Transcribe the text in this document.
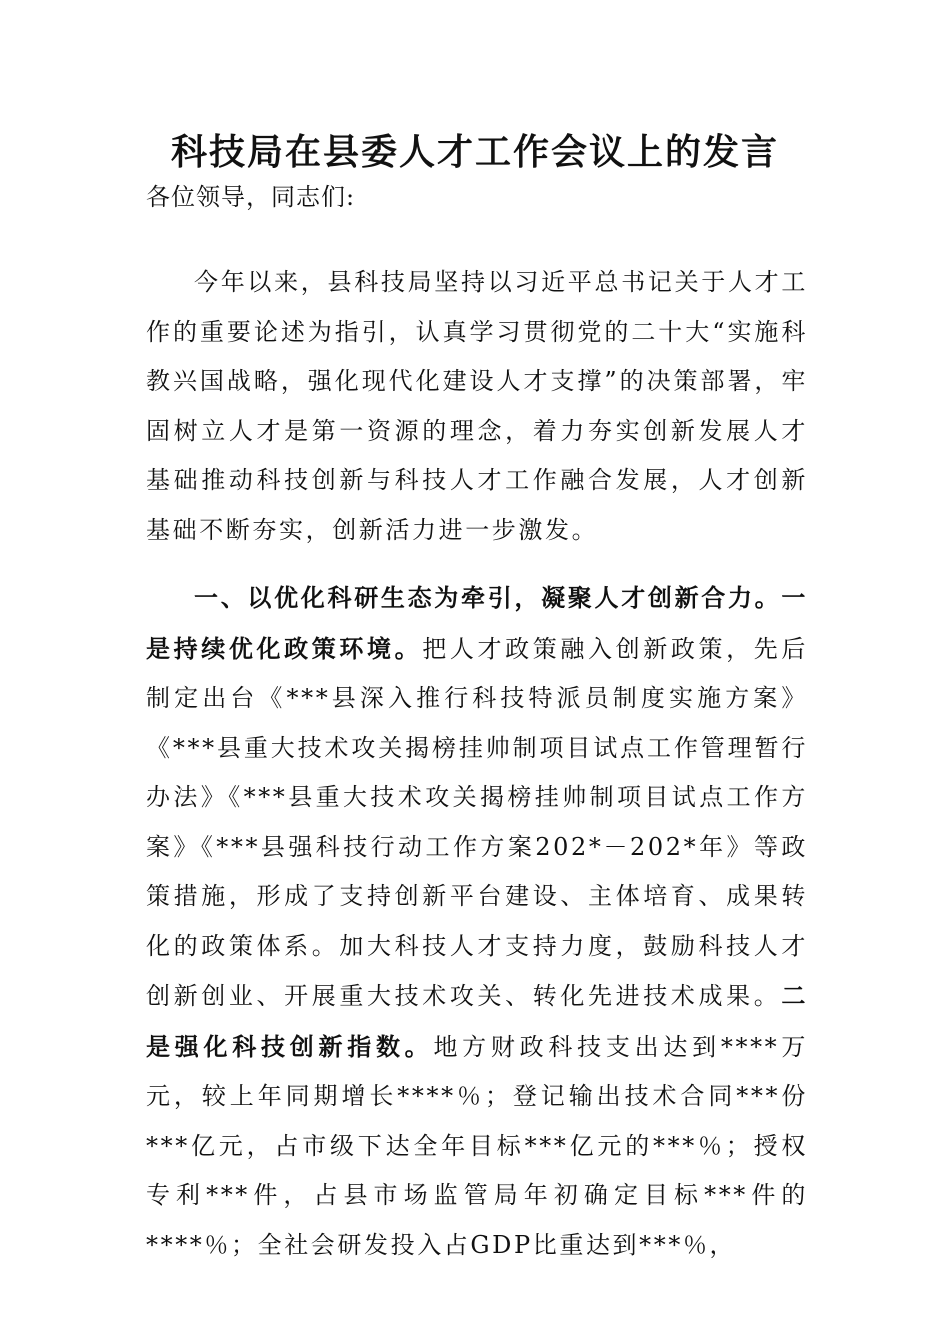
科技局在县委人才工作会议上的发言

各位领导，同志们:

今年以来，县科技局坚持以习近平总书记关于人才工作的重要论述为指引，认真学习贯彻党的二十大“实施科教兴国战略，强化现代化建设人才支撑”的决策部署，牢固树立人才是第一资源的理念，着力夯实创新发展人才基础推动科技创新与科技人才工作融合发展，人才创新基础不断夯实，创新活力进一步激发。

一、以优化科研生态为牵引，凝聚人才创新合力。一是持续优化政策环境。把人才政策融入创新政策，先后制定出台《***县深入推行科技特派员制度实施方案》《***县重大技术攻关揭榜挂帅制项目试点工作管理暂行办法》《***县重大技术攻关揭榜挂帅制项目试点工作方案》《***县强科技行动工作方案202*－202*年》等政策措施，形成了支持创新平台建设、主体培育、成果转化的政策体系。加大科技人才支持力度，鼓励科技人才创新创业、开展重大技术攻关、转化先进技术成果。二是强化科技创新指数。地方财政科技支出达到****万元，较上年同期增长****％；登记输出技术合同***份***亿元，占市级下达全年目标***亿元的***％；授权专利***件，占县市场监管局年初确定目标***件的****％；全社会研发投入占GDP比重达到***％，
